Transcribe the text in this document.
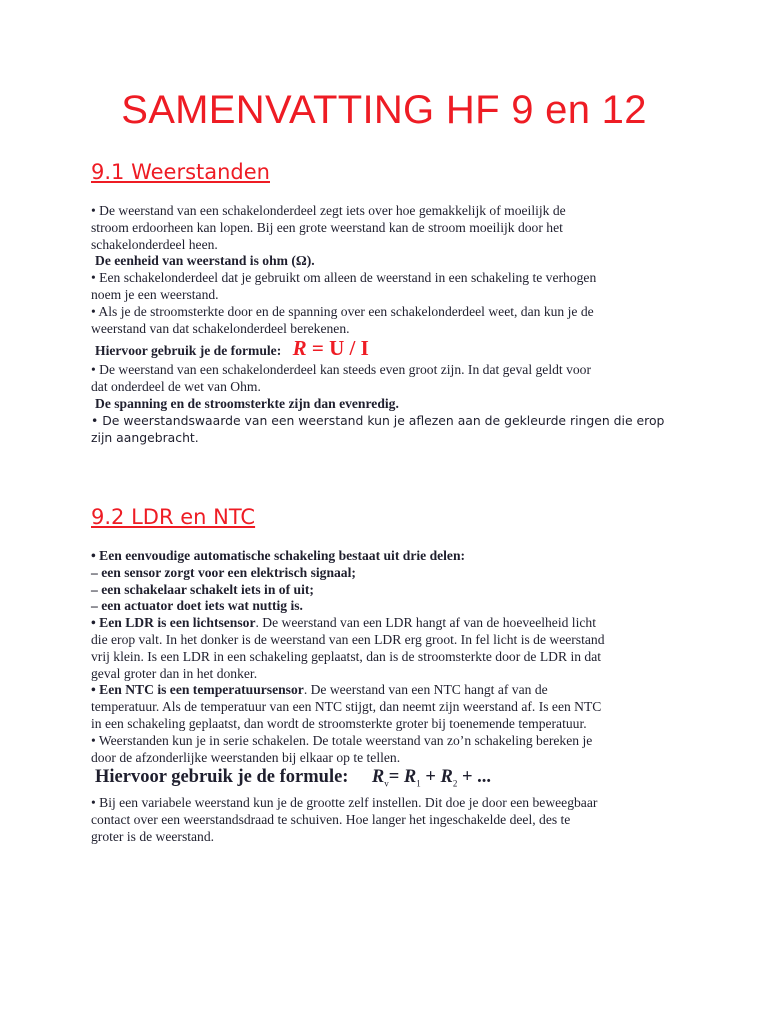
SAMENVATTING HF 9 en 12
9.1 Weerstanden

• De weerstand van een schakelonderdeel zegt iets over hoe gemakkelijk of moeilijk de

stroom erdoorheen kan lopen. Bij een grote weerstand kan de stroom moeilijk door het

schakelonderdeel heen.

De eenheid van weerstand is ohm (Ω).

• Een schakelonderdeel dat je gebruikt om alleen de weerstand in een schakeling te verhogen

noem je een weerstand.

• Als je de stroomsterkte door en de spanning over een schakelonderdeel weet, dan kun je de

weerstand van dat schakelonderdeel berekenen.

Hiervoor gebruik je de formule: R = U / I

• De weerstand van een schakelonderdeel kan steeds even groot zijn. In dat geval geldt voor

dat onderdeel de wet van Ohm.

De spanning en de stroomsterkte zijn dan evenredig.

• De weerstandswaarde van een weerstand kun je aflezen aan de gekleurde ringen die erop

zijn aangebracht.

9.2 LDR en NTC

• Een eenvoudige automatische schakeling bestaat uit drie delen:

– een sensor zorgt voor een elektrisch signaal;

– een schakelaar schakelt iets in of uit;

– een actuator doet iets wat nuttig is.

• Een LDR is een lichtsensor. De weerstand van een LDR hangt af van de hoeveelheid licht

die erop valt. In het donker is de weerstand van een LDR erg groot. In fel licht is de weerstand

vrij klein. Is een LDR in een schakeling geplaatst, dan is de stroomsterkte door de LDR in dat

geval groter dan in het donker.

• Een NTC is een temperatuursensor. De weerstand van een NTC hangt af van de

temperatuur. Als de temperatuur van een NTC stijgt, dan neemt zijn weerstand af. Is een NTC

in een schakeling geplaatst, dan wordt de stroomsterkte groter bij toenemende temperatuur.

• Weerstanden kun je in serie schakelen. De totale weerstand van zo’n schakeling bereken je

door de afzonderlijke weerstanden bij elkaar op te tellen.

Hiervoor gebruik je de formule: $R_v= R_1 + R_2$ + ...

• Bij een variabele weerstand kun je de grootte zelf instellen. Dit doe je door een beweegbaar

contact over een weerstandsdraad te schuiven. Hoe langer het ingeschakelde deel, des te

groter is de weerstand.
